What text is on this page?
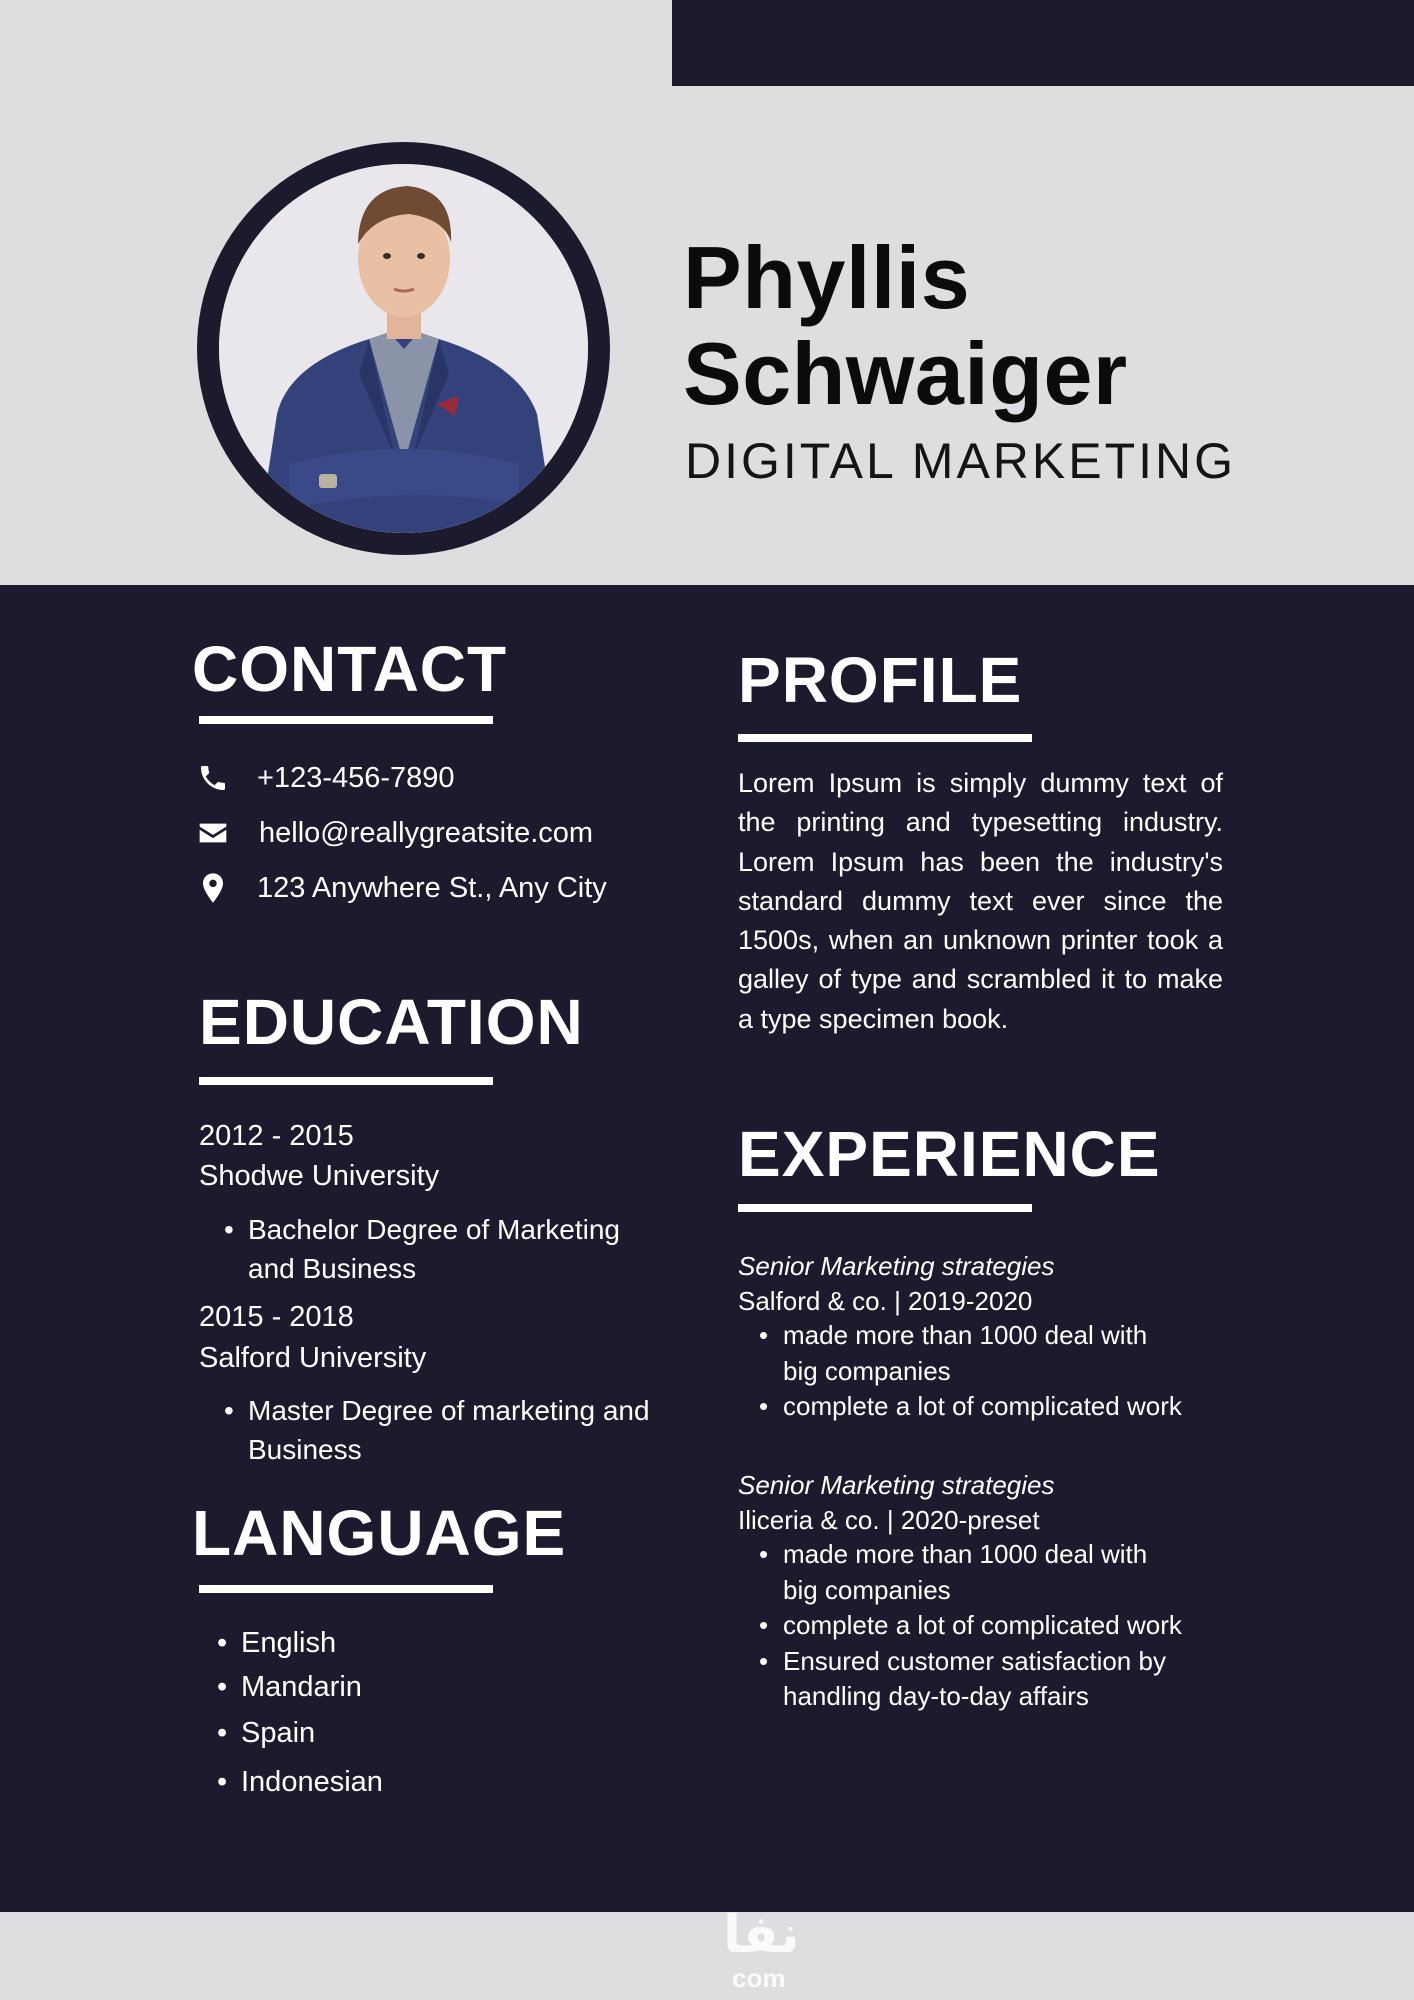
Phyllis
Schwaiger
DIGITAL MARKETING
CONTACT
+123-456-7890
hello@reallygreatsite.com
123 Anywhere St., Any City
EDUCATION
2012 - 2015
Shodwe University
• Bachelor Degree of Marketing and Business
2015 - 2018
Salford University
• Master Degree of marketing and Business
LANGUAGE
• English
• Mandarin
• Spain
• Indonesian
PROFILE
Lorem Ipsum is simply dummy text of the printing and typesetting industry. Lorem Ipsum has been the industry's standard dummy text ever since the 1500s, when an unknown printer took a galley of type and scrambled it to make a type specimen book.
EXPERIENCE
Senior Marketing strategies
Salford & co. | 2019-2020
• made more than 1000 deal with big companies
• complete a lot of complicated work
Senior Marketing strategies
Iliceria & co. | 2020-preset
• made more than 1000 deal with big companies
• complete a lot of complicated work
• Ensured customer satisfaction by handling day-to-day affairs
نفا
com
